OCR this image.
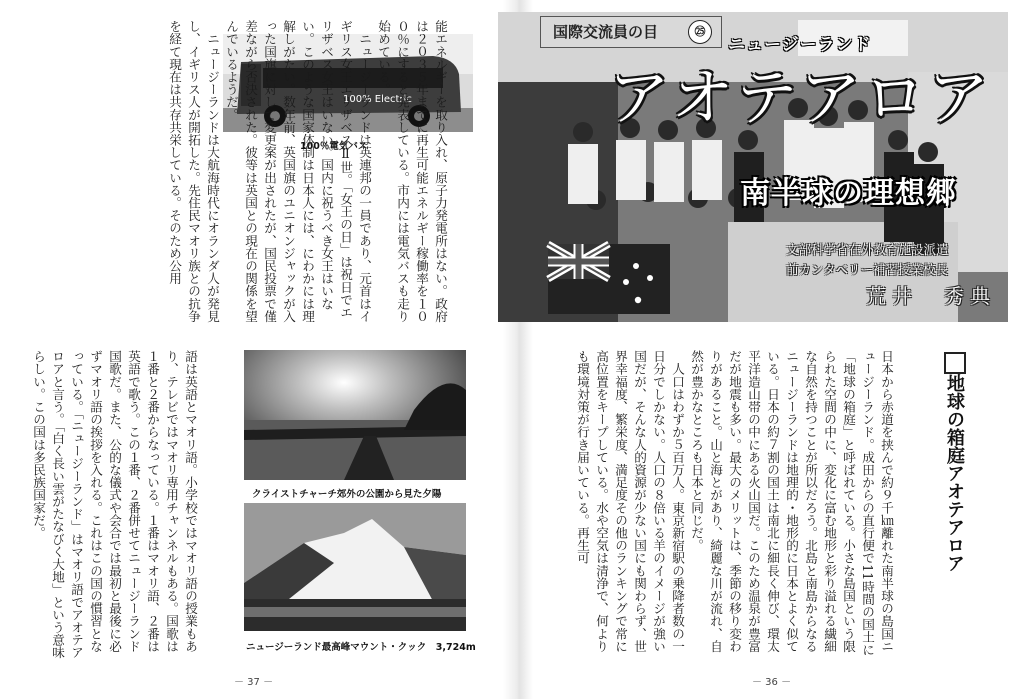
100% Electric
100％電気バス

	能エネルギーを取り入れ、原子力発電所はない。政府は２０３５年までに再生可能エネルギー稼働率を１００％にすると発表している。市内には電気バスも走り始めている。
　ニュージーランドは英連邦の一員であり、元首はイギリス女王エリザベスⅡ世。「女王の日」は祝日でエリザベス女王はいない。国内に祝うべき女王はいない。このような国家体制は日本人には、にわかには理解しがたい。数年前、英国旗のユニオンジャックが入った国旗に対して変更案が出されたが、国民投票で僅差ながら否決された。彼等は英国との現在の関係を望んでいるようだ。
　ニュージーランドは大航海時代にオランダ人が発見し、イギリス人が開拓した。先住民マオリ族との抗争を経て現在は共存共栄している。そのため公用

クライストチャーチ郊外の公園から見た夕陽
ニュージーランド最高峰マウント・クック　3,724m

語は英語とマオリ語。小学校ではマオリ語の授業もあり、テレビではマオリ専用チャンネルもある。国歌は１番と２番からなっている。１番はマオリ語、２番は英語で歌う。この１番、２番併せてニュージーランド国歌だ。また、公的な儀式や会合では最初と最後に必ずマオリ語の挨拶を入れる。これはこの国の慣習となっている。「ニュージーランド」はマオリ語でアオテアロアと言う。「白く長い雲がたなびく大地」という意味らしい。この国は多民族国家だ。

－ 37 －
国際交流員の目	㉕
ニュージーランド
アオテアロア
南半球の理想郷
文部科学省在外教育施設派遣
前カンタベリー補習授業校長
荒井　秀典
地球の箱庭アオテアロア

日本から赤道を挟んで約９千㎞離れた南半球の島国ニュージーランド。成田からの直行便で11時間の国土に「地球の箱庭」と呼ばれている。小さな島国という限られた空間の中に、変化に富む地形と彩り溢れる繊細な自然を持つことが所以だろう。北島と南島からなるニュージーランドは地理的・地形的に日本とよく似ている。日本の約７割の国土は南北に細長く伸び、環太平洋造山帯の中にある火山国だ。このため温泉が豊富だが地震も多い。最大のメリットは、季節の移り変わりがあること。山と海とがあり、綺麗な川が流れ、自然が豊かなところも日本と同じだ。
　人口はわずか５百万人。東京新宿駅の乗降者数の一日分でしかない。人口の８倍いる羊のイメージが強い国だが、そんな人的資源が少ない国にも関わらず、世界幸福度、繁栄度、満足度その他のランキングで常に高位置をキープしている。水や空気は清浄で、何よりも環境対策が行き届いている。再生可

－ 36 －
